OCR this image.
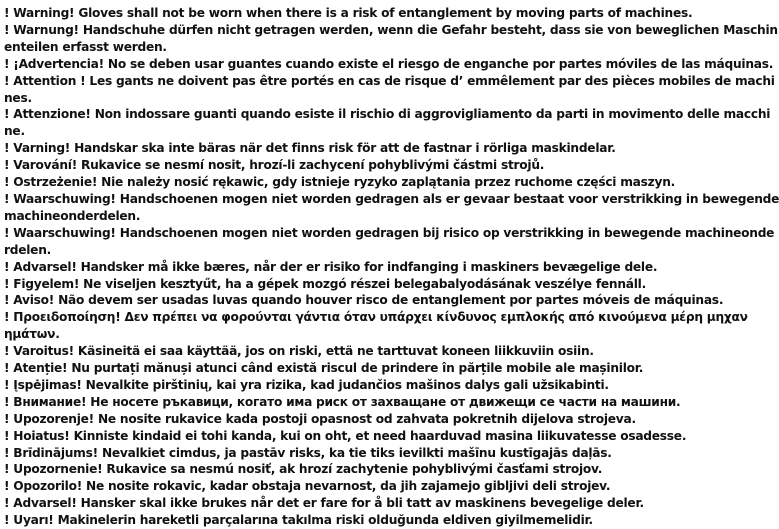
! Warning! Gloves shall not be worn when there is a risk of entanglement by moving parts of machines.
! Warnung! Handschuhe dürfen nicht getragen werden, wenn die Gefahr besteht, dass sie von beweglichen Maschin
enteilen erfasst werden.
! ¡Advertencia! No se deben usar guantes cuando existe el riesgo de enganche por partes móviles de las máquinas.
! Attention ! Les gants ne doivent pas être portés en cas de risque d’ emmêlement par des pièces mobiles de machi
nes.
! Attenzione! Non indossare guanti quando esiste il rischio di aggrovigliamento da parti in movimento delle macchi
ne.
! Varning! Handskar ska inte bäras när det finns risk för att de fastnar i rörliga maskindelar.
! Varování! Rukavice se nesmí nosit, hrozí-li zachycení pohyblivými částmi strojů.
! Ostrzeżenie! Nie należy nosić rękawic, gdy istnieje ryzyko zaplątania przez ruchome części maszyn.
! Waarschuwing! Handschoenen mogen niet worden gedragen als er gevaar bestaat voor verstrikking in bewegende
machineonderdelen.
! Waarschuwing! Handschoenen mogen niet worden gedragen bij risico op verstrikking in bewegende machineonde
rdelen.
! Advarsel! Handsker må ikke bæres, når der er risiko for indfanging i maskiners bevægelige dele.
! Figyelem! Ne viseljen kesztyűt, ha a gépek mozgó részei belegabalyodásának veszélye fennáll.
! Aviso! Não devem ser usadas luvas quando houver risco de entanglement por partes móveis de máquinas.
! Προειδοποίηση! Δεν πρέπει να φορούνται γάντια όταν υπάρχει κίνδυνος εμπλοκής από κινούμενα μέρη μηχαν
ημάτων.
! Varoitus! Käsineitä ei saa käyttää, jos on riski, että ne tarttuvat koneen liikkuviin osiin.
! Atenție! Nu purtați mănuși atunci când există riscul de prindere în părțile mobile ale mașinilor.
! Įspėjimas! Nevalkite pirštinių, kai yra rizika, kad judančios mašinos dalys gali užsikabinti.
! Внимание! Не носете ръкавици, когато има риск от захващане от движещи се части на машини.
! Upozorenje! Ne nosite rukavice kada postoji opasnost od zahvata pokretnih dijelova strojeva.
! Hoiatus! Kinniste kindaid ei tohi kanda, kui on oht, et need haarduvad masina liikuvatesse osadesse.
! Brīdinājums! Nevalkiet cimdus, ja pastāv risks, ka tie tiks ievilkti mašīnu kustīgajās daļās.
! Upozornenie! Rukavice sa nesmú nosiť, ak hrozí zachytenie pohyblivými časťami strojov.
! Opozorilo! Ne nosite rokavic, kadar obstaja nevarnost, da jih zajamejo gibljivi deli strojev.
! Advarsel! Hansker skal ikke brukes når det er fare for å bli tatt av maskinens bevegelige deler.
! Uyarı! Makinelerin hareketli parçalarına takılma riski olduğunda eldiven giyilmemelidir.
